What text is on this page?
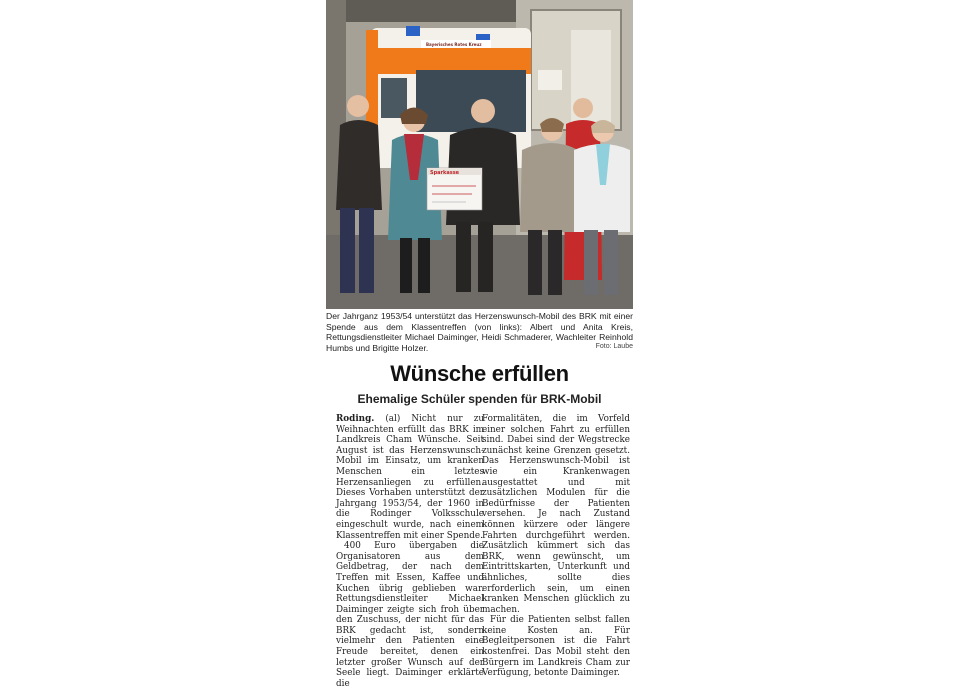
Bayerisches Rotes Kreuz
Sparkasse
Der Jahrganz 1953/54 unterstützt das Herzenswunsch-Mobil des BRK mit einer Spende aus dem Klassentreffen (von links): Albert und Anita Kreis, Rettungsdienstleiter Michael Daiminger, Heidi Schmaderer, Wachleiter Reinhold Humbs und Brigitte Holzer.	Foto: Laube
Wünsche erfüllen
Ehemalige Schüler spenden für BRK-Mobil

Roding. (al) Nicht nur zu Weihnachten erfüllt das BRK im Landkreis Cham Wünsche. Seit August ist das Herzenswunsch-Mobil im Einsatz, um kranken Menschen ein letztes Herzensanliegen zu erfüllen. Dieses Vorhaben unterstützt der Jahrgang 1953/54, der 1960 in die Rodinger Volksschule eingeschult wurde, nach einem Klassentreffen mit einer Spende.

400 Euro übergaben die Organisatoren aus dem Geldbetrag, der nach dem Treffen mit Essen, Kaffee und Kuchen übrig geblieben war. Rettungsdienstleiter Michael Daiminger zeigte sich froh über den Zuschuss, der nicht für das BRK gedacht ist, sondern vielmehr den Patienten eine Freude bereitet, denen ein letzter großer Wunsch auf der Seele liegt. Daiminger erklärte die

Formalitäten, die im Vorfeld einer solchen Fahrt zu erfüllen sind. Dabei sind der Wegstrecke zunächst keine Grenzen gesetzt. Das Herzenswunsch-Mobil ist wie ein Krankenwagen ausgestattet und mit zusätzlichen Modulen für die Bedürfnisse der Patienten versehen. Je nach Zustand können kürzere oder längere Fahrten durchgeführt werden. Zusätzlich kümmert sich das BRK, wenn gewünscht, um Eintrittskarten, Unterkunft und ähnliches, sollte dies erforderlich sein, um einen kranken Menschen glücklich zu machen.

Für die Patienten selbst fallen keine Kosten an. Für Begleitpersonen ist die Fahrt kostenfrei. Das Mobil steht den Bürgern im Landkreis Cham zur Verfügung, betonte Daiminger.
